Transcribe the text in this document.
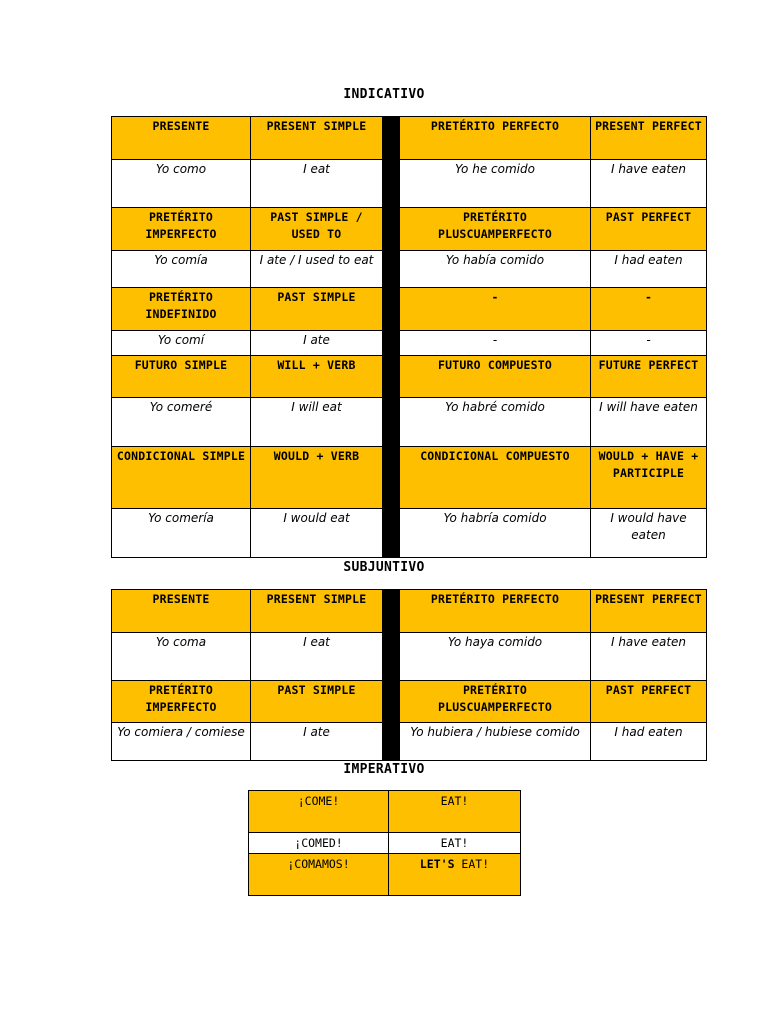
INDICATIVO
PRESENTE	PRESENT SIMPLE		PRETÉRITO PERFECTO	PRESENT PERFECT
Yo como	I eat		Yo he comido	I have eaten
PRETÉRITO IMPERFECTO	PAST SIMPLE / USED TO		PRETÉRITO PLUSCUAMPERFECTO	PAST PERFECT
Yo comía	I ate / I used to eat		Yo había comido	I had eaten
PRETÉRITO INDEFINIDO	PAST SIMPLE		-	-
Yo comí	I ate		-	-
FUTURO SIMPLE	WILL + VERB		FUTURO COMPUESTO	FUTURE PERFECT
Yo comeré	I will eat		Yo habré comido	I will have eaten
CONDICIONAL SIMPLE	WOULD + VERB		CONDICIONAL COMPUESTO	WOULD + HAVE + PARTICIPLE
Yo comería	I would eat		Yo habría comido	I would have eaten
SUBJUNTIVO
PRESENTE	PRESENT SIMPLE		PRETÉRITO PERFECTO	PRESENT PERFECT
Yo coma	I eat		Yo haya comido	I have eaten
PRETÉRITO IMPERFECTO	PAST SIMPLE		PRETÉRITO PLUSCUAMPERFECTO	PAST PERFECT
Yo comiera / comiese	I ate		Yo hubiera / hubiese comido	I had eaten
IMPERATIVO
¡COME!	EAT!
¡COMED!	EAT!
¡COMAMOS!	LET'S EAT!
